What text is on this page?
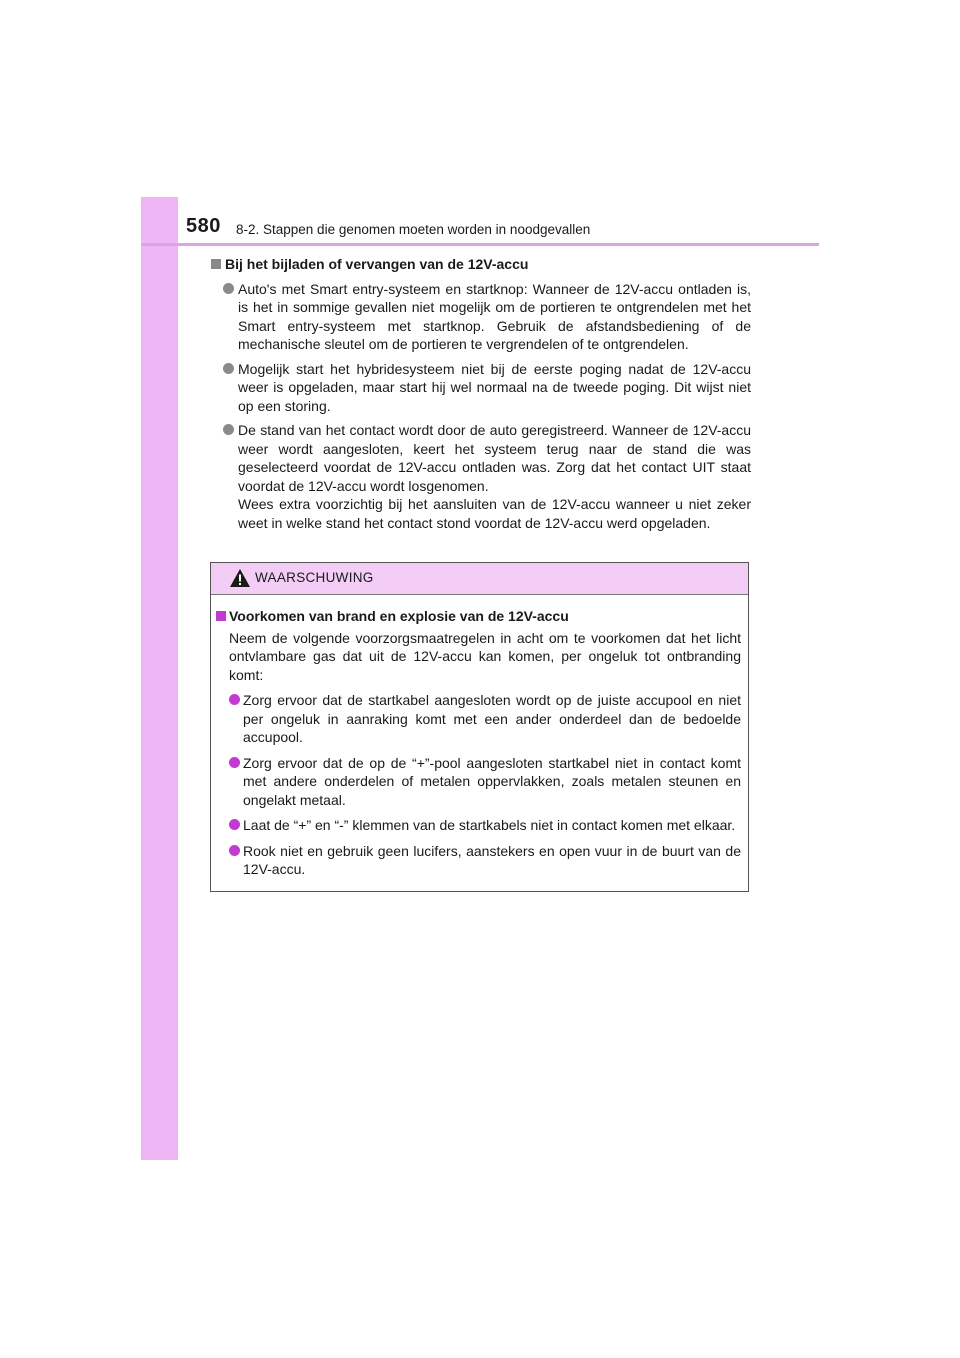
580 8-2. Stappen die genomen moeten worden in noodgevallen
Bij het bijladen of vervangen van de 12V-accu
Auto's met Smart entry-systeem en startknop: Wanneer de 12V-accu ontladen is, is het in sommige gevallen niet mogelijk om de portieren te ontgrendelen met het Smart entry-systeem met startknop. Gebruik de afstandsbediening of de mechanische sleutel om de portieren te vergrendelen of te ontgrendelen.
Mogelijk start het hybridesysteem niet bij de eerste poging nadat de 12V-accu weer is opgeladen, maar start hij wel normaal na de tweede poging. Dit wijst niet op een storing.
De stand van het contact wordt door de auto geregistreerd. Wanneer de 12V-accu weer wordt aangesloten, keert het systeem terug naar de stand die was geselecteerd voordat de 12V-accu ontladen was. Zorg dat het contact UIT staat voordat de 12V-accu wordt losgenomen.
Wees extra voorzichtig bij het aansluiten van de 12V-accu wanneer u niet zeker weet in welke stand het contact stond voordat de 12V-accu werd opgeladen.
WAARSCHUWING
Voorkomen van brand en explosie van de 12V-accu
Neem de volgende voorzorgsmaatregelen in acht om te voorkomen dat het licht ontvlambare gas dat uit de 12V-accu kan komen, per ongeluk tot ontbranding komt:
Zorg ervoor dat de startkabel aangesloten wordt op de juiste accupool en niet per ongeluk in aanraking komt met een ander onderdeel dan de bedoelde accupool.
Zorg ervoor dat de op de “+”-pool aangesloten startkabel niet in contact komt met andere onderdelen of metalen oppervlakken, zoals metalen steunen en ongelakt metaal.
Laat de “+” en “-” klemmen van de startkabels niet in contact komen met elkaar.
Rook niet en gebruik geen lucifers, aanstekers en open vuur in de buurt van de 12V-accu.
